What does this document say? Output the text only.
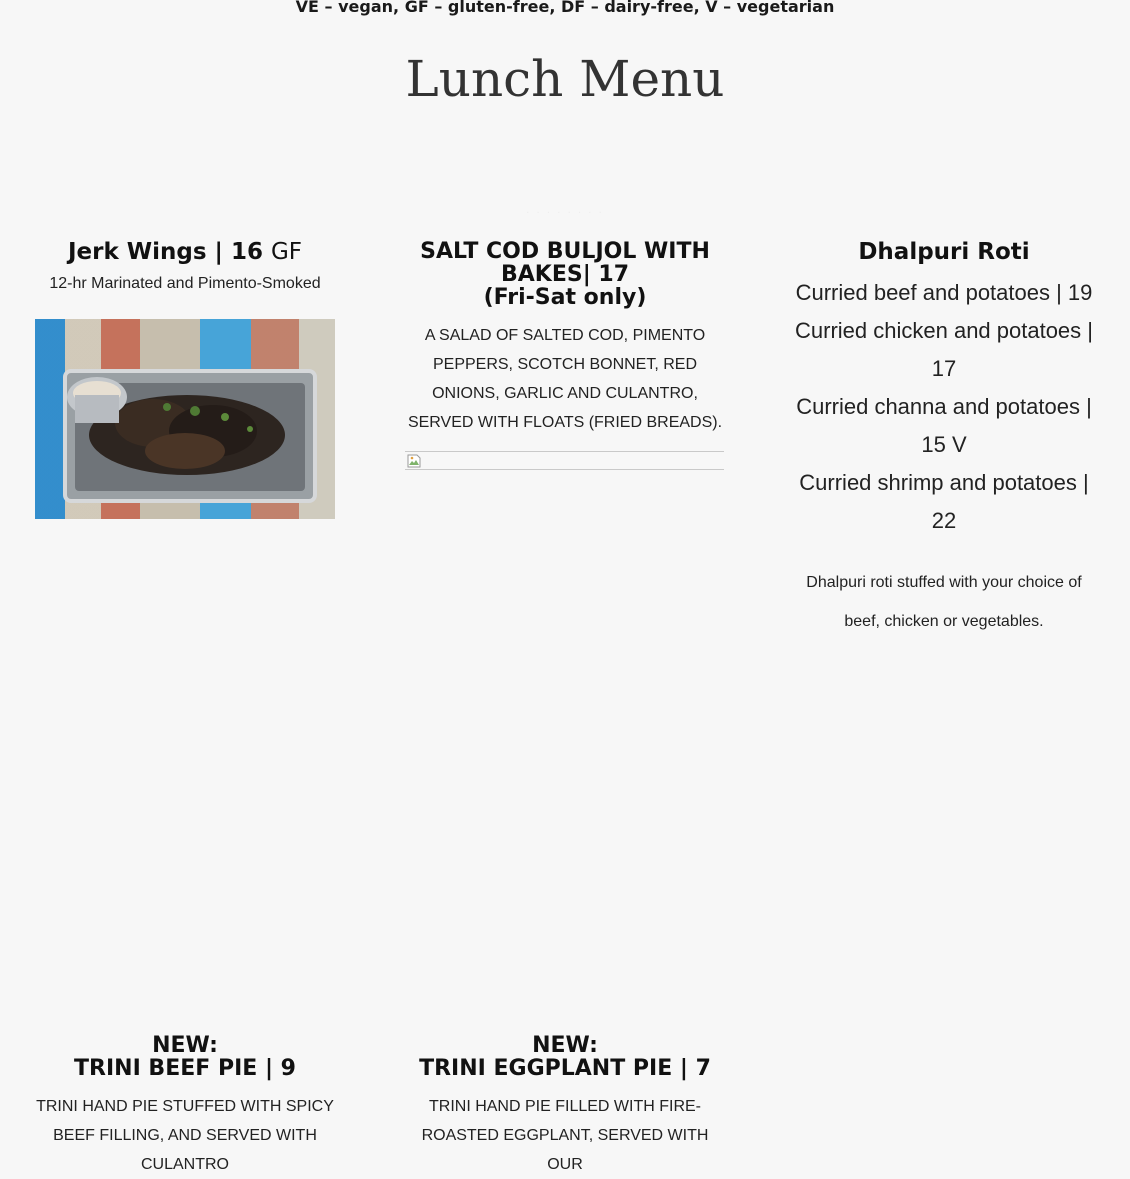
VE – vegan, GF – gluten-free, DF – dairy-free, V – vegetarian
Lunch Menu
· · · · · · · ·
Jerk Wings | 16 GF
12-hr Marinated and Pimento-Smoked
SALT COD BULJOL WITH
BAKES| 17
(Fri-Sat only)
A SALAD OF SALTED COD, PIMENTO PEPPERS, SCOTCH BONNET, RED ONIONS, GARLIC AND CULANTRO, SERVED WITH FLOATS (FRIED BREADS).
Dhalpuri Roti
Curried beef and potatoes | 19
Curried chicken and potatoes | 17
Curried channa and potatoes | 15 V
Curried shrimp and potatoes | 22
Dhalpuri roti stuffed with your choice of beef, chicken or vegetables.
NEW:
TRINI BEEF PIE | 9
TRINI HAND PIE STUFFED WITH SPICY BEEF FILLING, AND SERVED WITH CULANTRO
NEW:
TRINI EGGPLANT PIE | 7
TRINI HAND PIE FILLED WITH FIRE-ROASTED EGGPLANT, SERVED WITH OUR
